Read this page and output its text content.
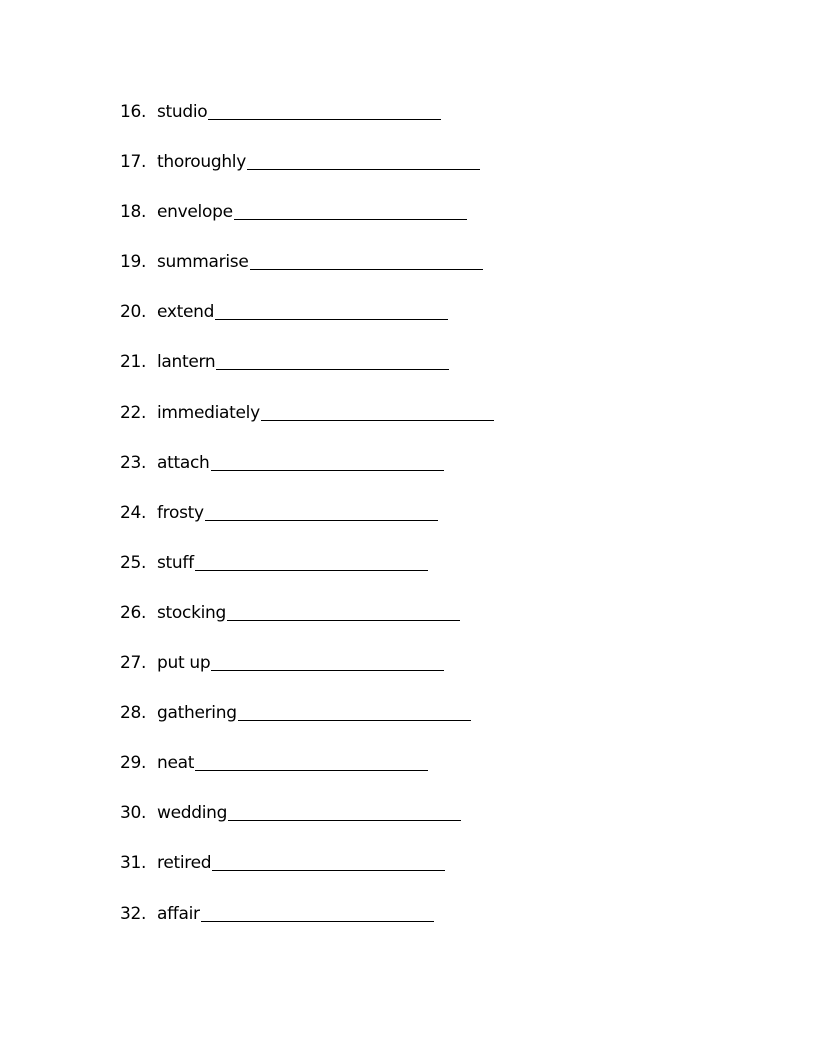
16. studio
17. thoroughly
18. envelope
19. summarise
20. extend
21. lantern
22. immediately
23. attach
24. frosty
25. stuff
26. stocking
27. put up
28. gathering
29. neat
30. wedding
31. retired
32. affair
